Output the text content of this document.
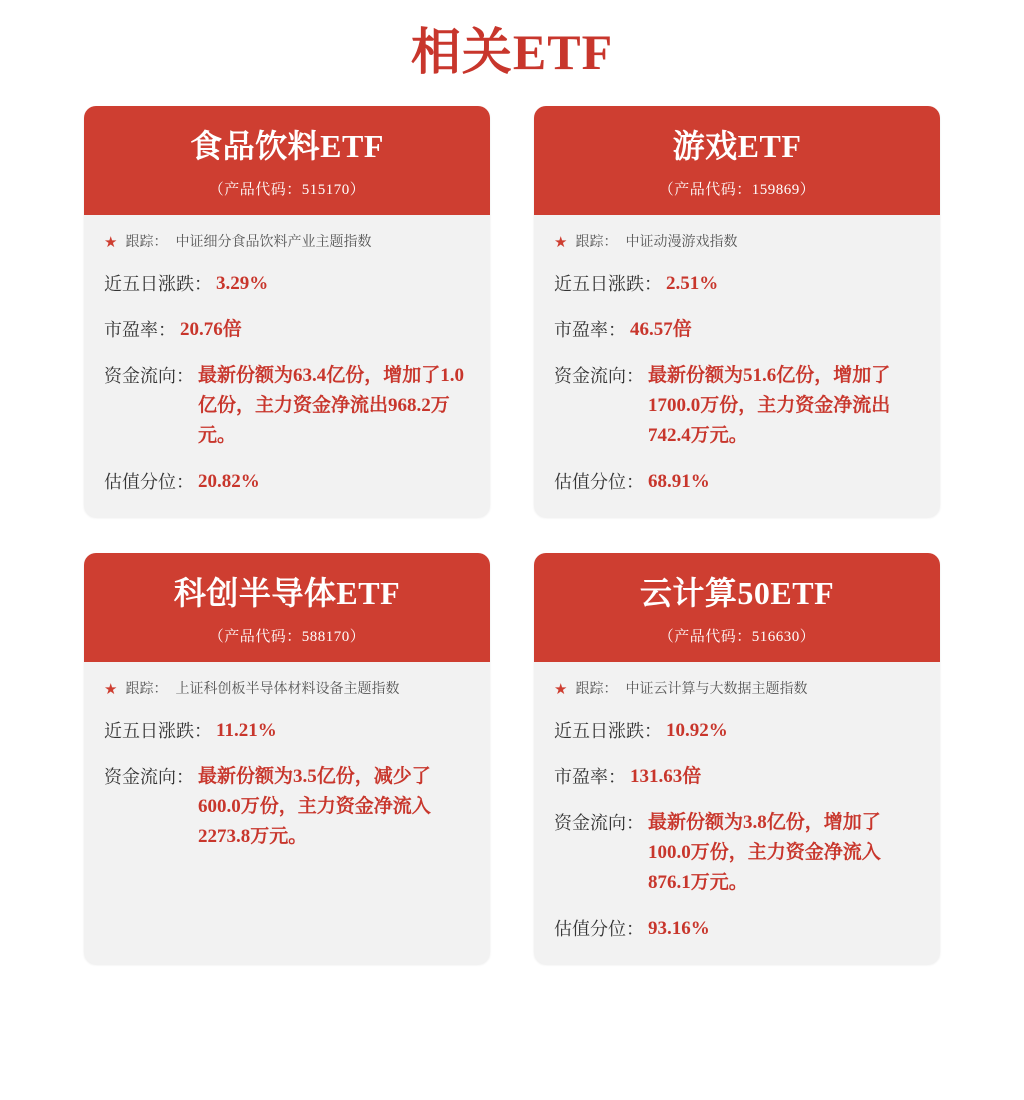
相关ETF
食品饮料ETF
（产品代码：515170）
★ 跟踪： 中证细分食品饮料产业主题指数
近五日涨跌： 3.29%
市盈率： 20.76倍
资金流向： 最新份额为63.4亿份，增加了1.0亿份，主力资金净流出968.2万元。
估值分位： 20.82%
游戏ETF
（产品代码：159869）
★ 跟踪： 中证动漫游戏指数
近五日涨跌： 2.51%
市盈率： 46.57倍
资金流向： 最新份额为51.6亿份，增加了1700.0万份，主力资金净流出742.4万元。
估值分位： 68.91%
科创半导体ETF
（产品代码：588170）
★ 跟踪： 上证科创板半导体材料设备主题指数
近五日涨跌： 11.21%
资金流向： 最新份额为3.5亿份，减少了600.0万份，主力资金净流入2273.8万元。
云计算50ETF
（产品代码：516630）
★ 跟踪： 中证云计算与大数据主题指数
近五日涨跌： 10.92%
市盈率： 131.63倍
资金流向： 最新份额为3.8亿份，增加了100.0万份，主力资金净流入876.1万元。
估值分位： 93.16%
